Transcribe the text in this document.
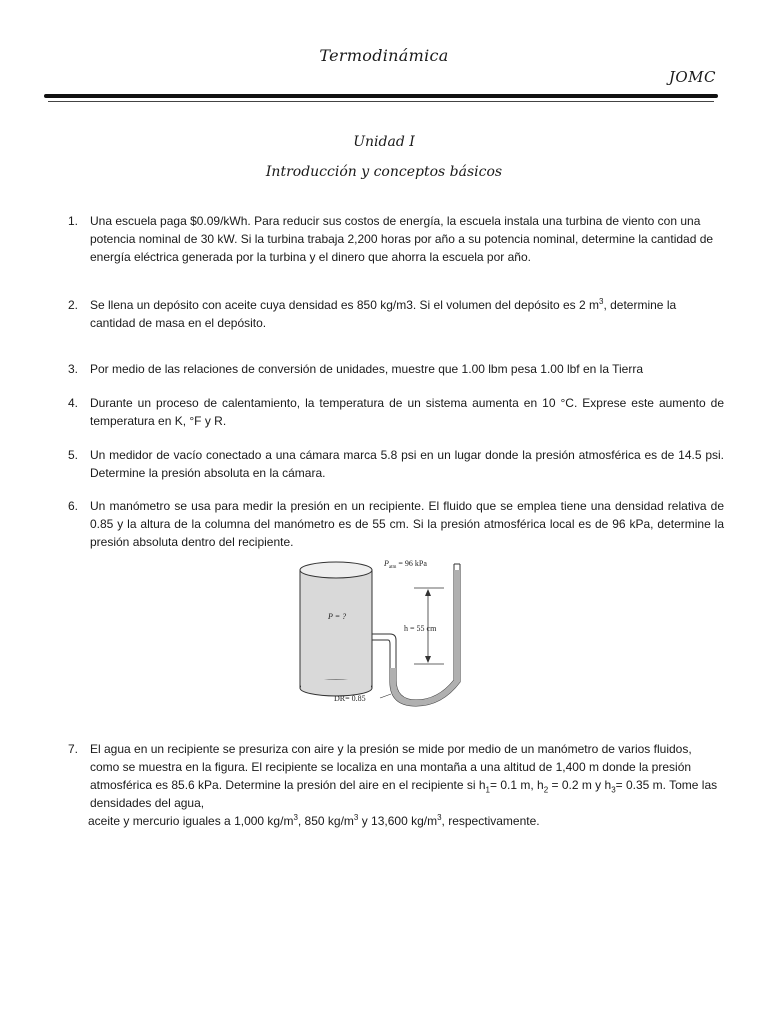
Termodinámica
JOMC
Unidad I
Introducción y conceptos básicos
1. Una escuela paga $0.09/kWh. Para reducir sus costos de energía, la escuela instala una turbina de viento con una potencia nominal de 30 kW. Si la turbina trabaja 2,200 horas por año a su potencia nominal, determine la cantidad de energía eléctrica generada por la turbina y el dinero que ahorra la escuela por año.
2. Se llena un depósito con aceite cuya densidad es 850 kg/m3. Si el volumen del depósito es 2 $m^3$, determine la cantidad de masa en el depósito.
3. Por medio de las relaciones de conversión de unidades, muestre que 1.00 lbm pesa 1.00 lbf en la Tierra
4. Durante un proceso de calentamiento, la temperatura de un sistema aumenta en 10 °C. Exprese este aumento de temperatura en K, °F y R.
5. Un medidor de vacío conectado a una cámara marca 5.8 psi en un lugar donde la presión atmosférica es de 14.5 psi. Determine la presión absoluta en la cámara.
6. Un manómetro se usa para medir la presión en un recipiente. El fluido que se emplea tiene una densidad relativa de 0.85 y la altura de la columna del manómetro es de 55 cm. Si la presión atmosférica local es de 96 kPa, determine la presión absoluta dentro del recipiente.
$P_{atm} = 96$ kPa
P = ?
h = 55 cm
DR= 0.85
7. El agua en un recipiente se presuriza con aire y la presión se mide por medio de un manómetro de varios fluidos, como se muestra en la figura. El recipiente se localiza en una montaña a una altitud de 1,400 m donde la presión atmosférica es 85.6 kPa. Determine la presión del aire en el recipiente si $h_1= 0.1$ m, $h_2 = 0.2$ m y $h_3= 0.35$ m. Tome las densidades del agua,
aceite y mercurio iguales a 1,000 $kg/m^3$, 850 $kg/m^3$ y 13,600 $kg/m^3$, respectivamente.
